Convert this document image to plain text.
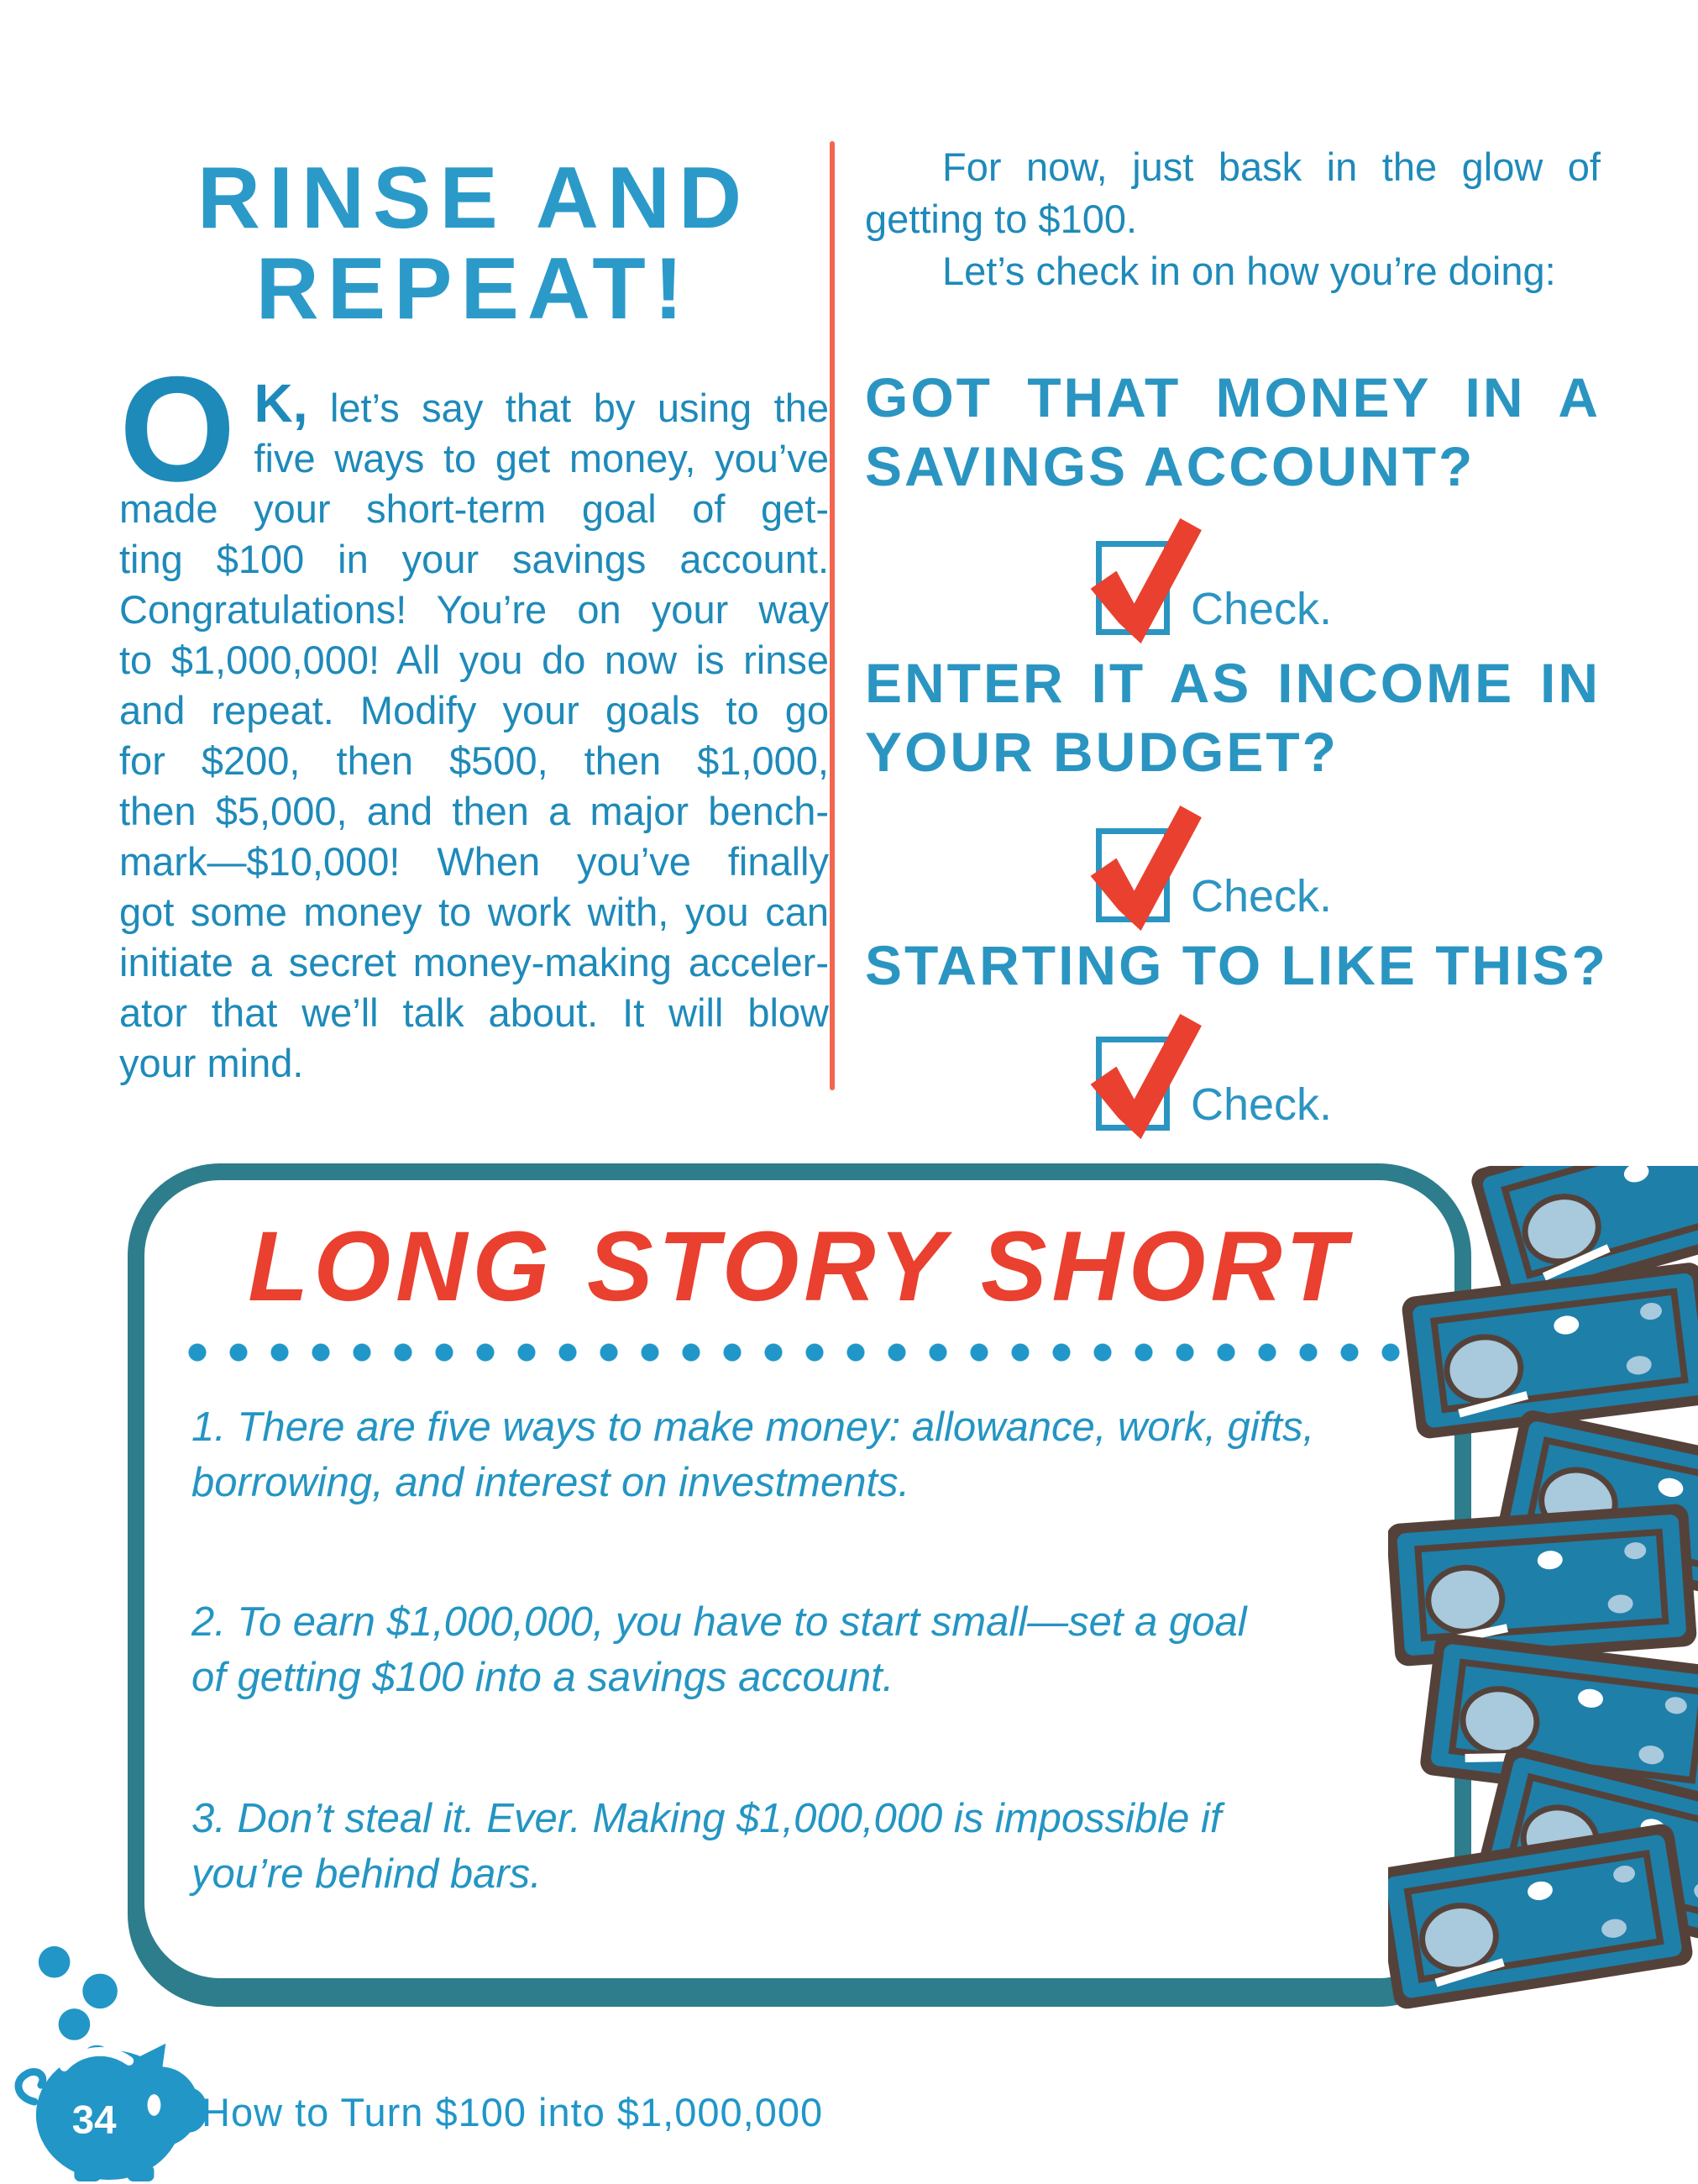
RINSE AND RINSE AND
REPEAT! REPEAT!
O K, let’s say that by using the
five ways to get money, you’ve
made your short-term goal of get-
ting $100 in your savings account.
Congratulations! You’re on your way
to $1,000,000! All you do now is rinse
and repeat. Modify your goals to go
for $200, then $500, then $1,000,
then $5,000, and then a major bench-
mark—$10,000! When you’ve finally
got some money to work with, you can
initiate a secret money-making acceler-
ator that we’ll talk about. It will blow
your mind.
For now, just bask in the glow of
getting to $100.
Let’s check in on how you’re doing:
GOT THAT MONEY IN A
SAVINGS ACCOUNT?
Check.
ENTER IT AS INCOME IN
YOUR BUDGET?
Check.
STARTING TO LIKE THIS?
Check.
LONG STORY SHORT LONG STORY SHORT
1. There are five ways to make money: allowance, work, gifts,
borrowing, and interest on investments.
2. To earn $1,000,000, you have to start small—set a goal
of getting $100 into a savings account.
3. Don’t steal it. Ever. Making $1,000,000 is impossible if
you’re behind bars.
34 How to Turn $100 into $1,000,000
